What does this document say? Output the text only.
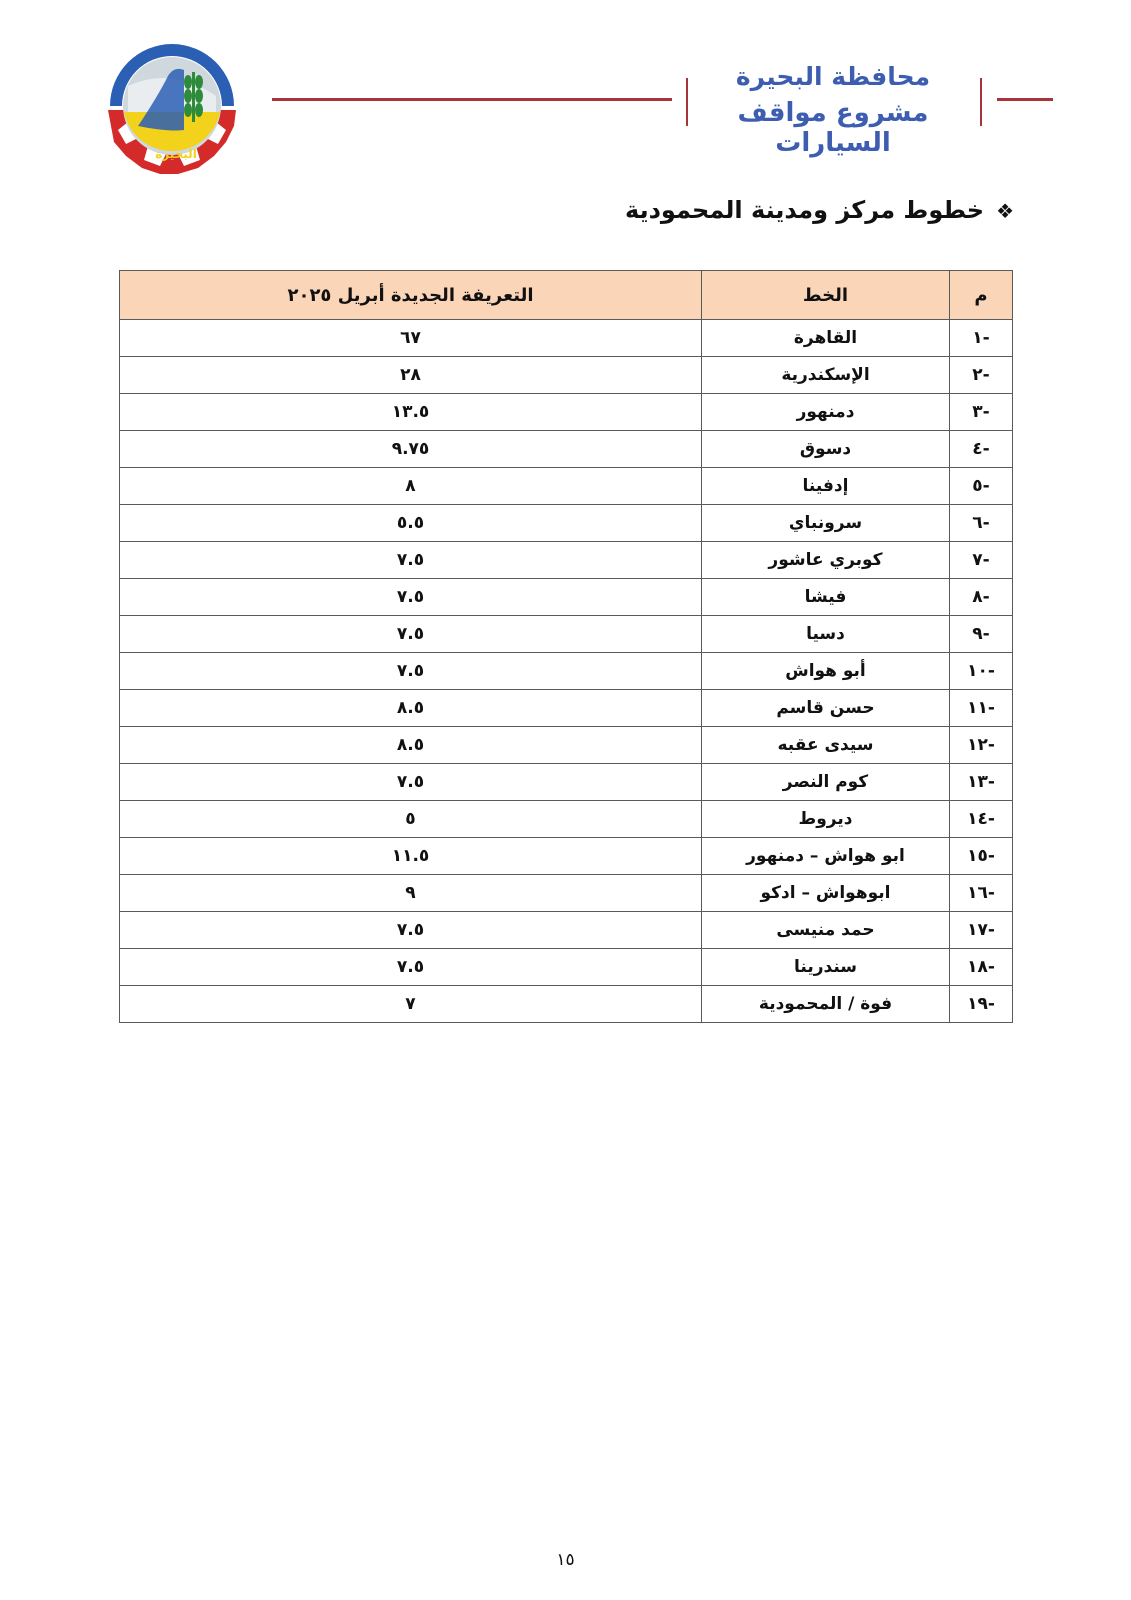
البحيرة
محافظة البحيرة
مشروع مواقف السيارات
❖خطوط مركز ومدينة المحمودية
م	الخط	التعريفة الجديدة أبريل ٢٠٢٥
-١	القاهرة	٦٧
-٢	الإسكندرية	٢٨
-٣	دمنهور	١٣.٥
-٤	دسوق	٩.٧٥
-٥	إدفينا	٨
-٦	سرونباي	٥.٥
-٧	كوبري عاشور	٧.٥
-٨	فيشا	٧.٥
-٩	دسيا	٧.٥
-١٠	أبو هواش	٧.٥
-١١	حسن قاسم	٨.٥
-١٢	سيدى عقبه	٨.٥
-١٣	كوم النصر	٧.٥
-١٤	ديروط	٥
-١٥	ابو هواش – دمنهور	١١.٥
-١٦	ابوهواش – ادكو	٩
-١٧	حمد منيسى	٧.٥
-١٨	سندرينا	٧.٥
-١٩	فوة / المحمودية	٧
١٥
